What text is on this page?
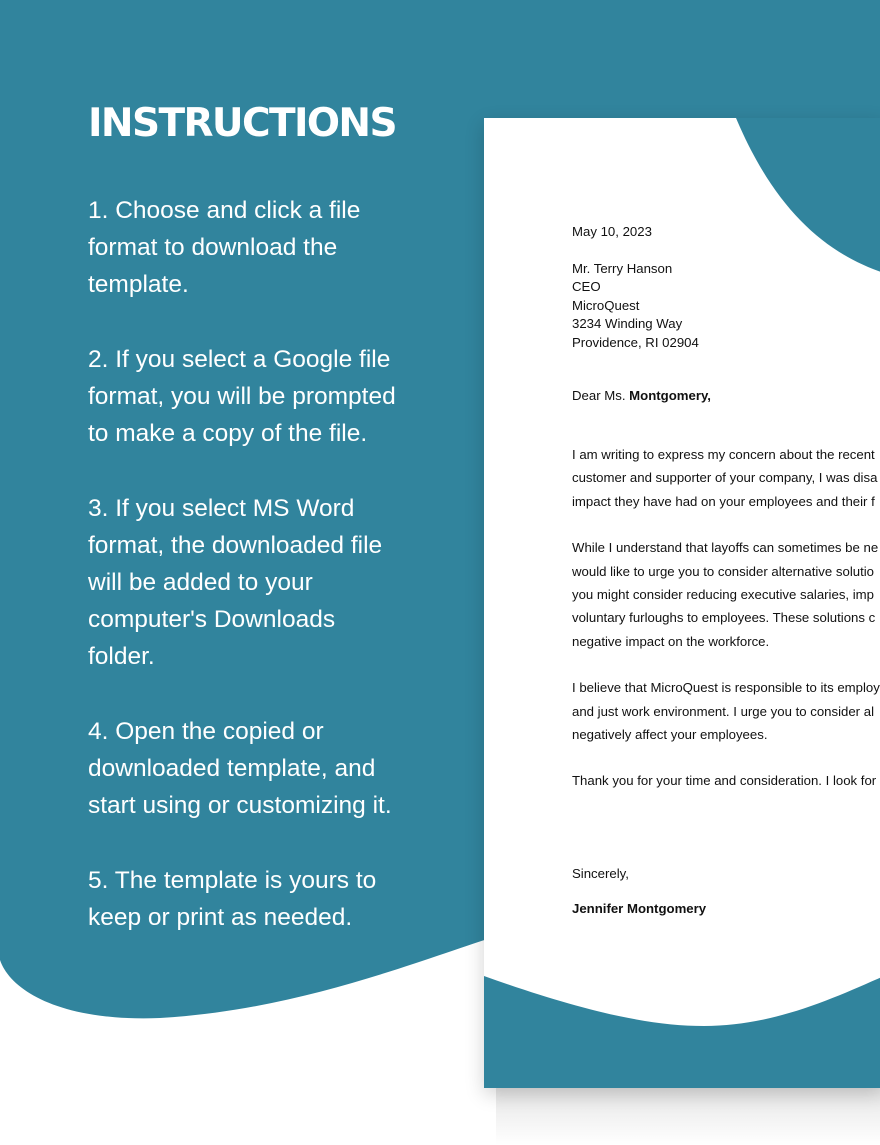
INSTRUCTIONS
1. Choose and click a file
format to download the
template.
2. If you select a Google file
format, you will be prompted
to make a copy of the file.
3. If you select MS Word
format, the downloaded file
will be added to your
computer's Downloads
folder.
4. Open the copied or
downloaded template, and
start using or customizing it.
5. The template is yours to
keep or print as needed.

May 10, 2023

Mr. Terry Hanson

CEO

MicroQuest

3234 Winding Way

Providence, RI 02904

Dear Ms. Montgomery,

I am writing to express my concern about the recent

customer and supporter of your company, I was disa

impact they have had on your employees and their f

While I understand that layoffs can sometimes be ne

would like to urge you to consider alternative solutio

you might consider reducing executive salaries, imp

voluntary furloughs to employees. These solutions c

negative impact on the workforce.

I believe that MicroQuest is responsible to its employ

and just work environment. I urge you to consider al

negatively affect your employees.

Thank you for your time and consideration. I look for

Sincerely,

Jennifer Montgomery
